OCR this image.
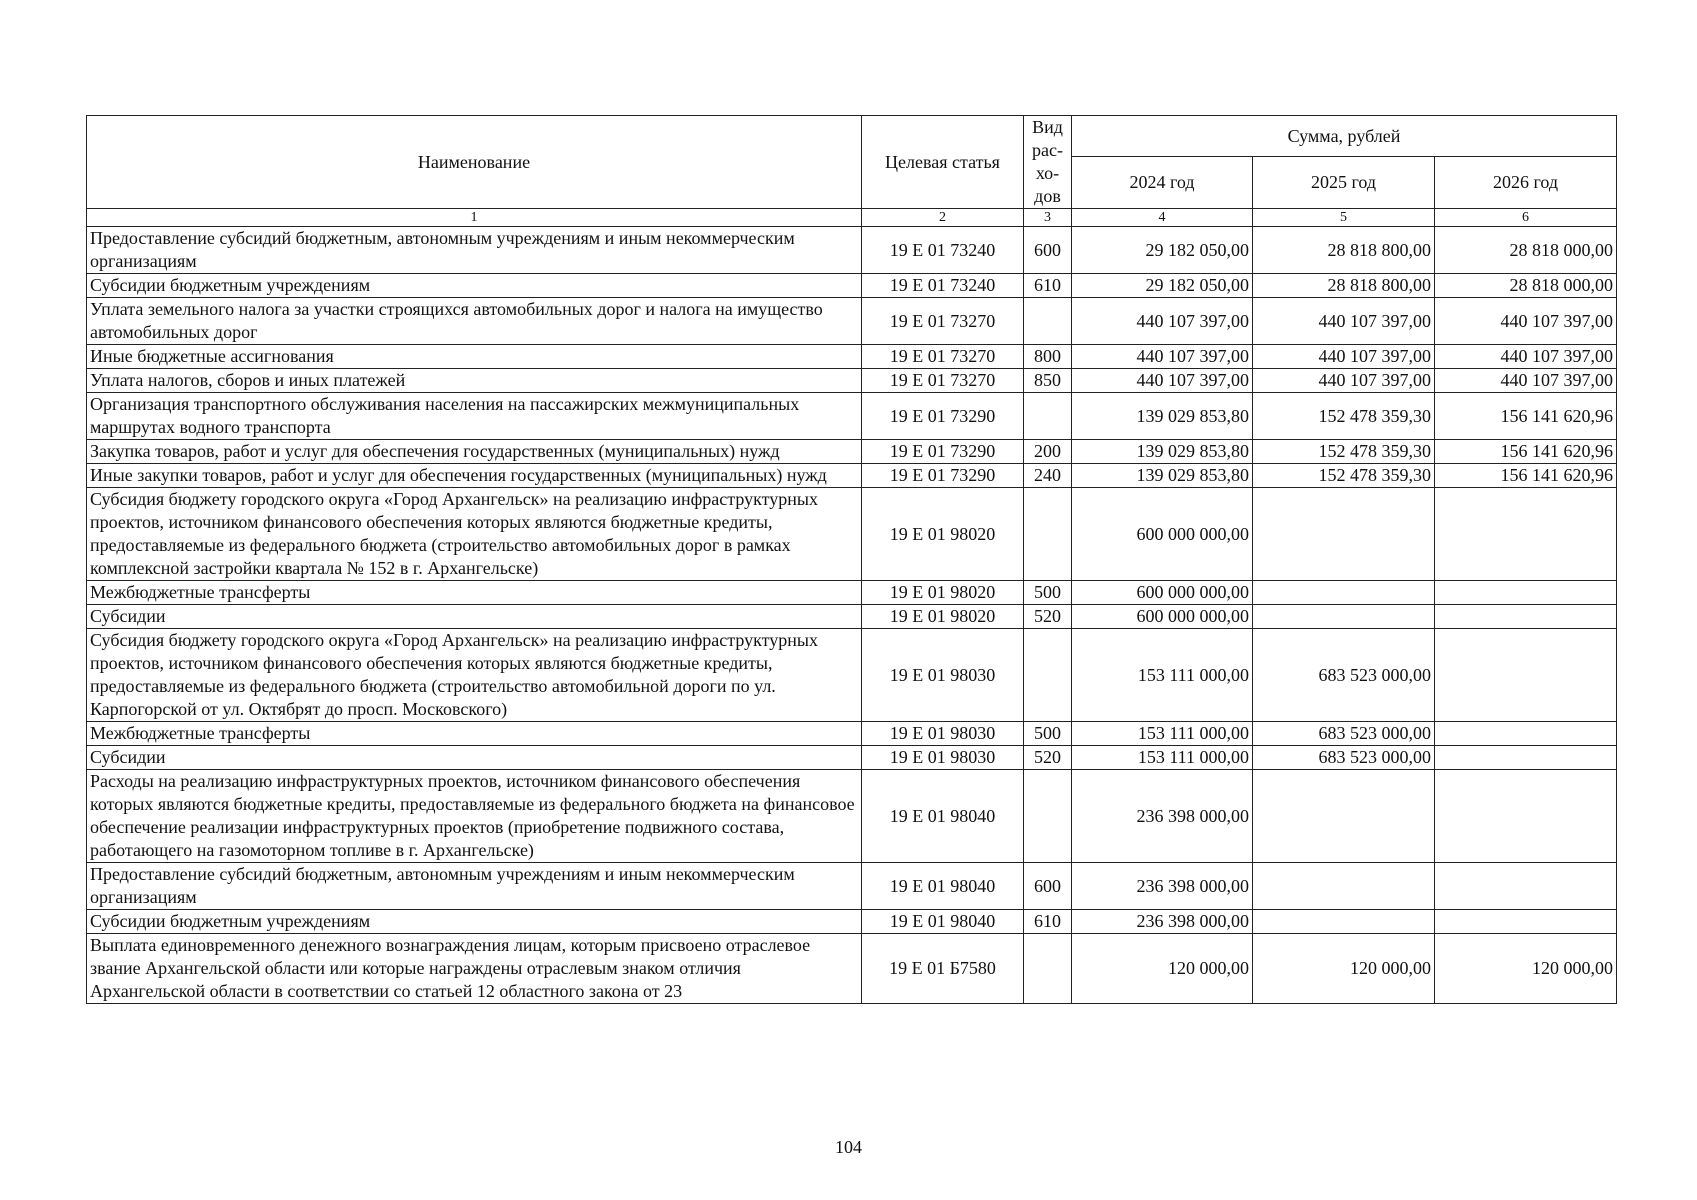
Наименование	Целевая статья	Вид рас- хо- дов	Сумма, рублей		
			2024 год	2025 год	2026 год
1	2	3	4	5	6
Предоставление субсидий бюджетным, автономным учреждениям и иным некоммерческим организациям	19 Е 01 73240	600	29 182 050,00	28 818 800,00	28 818 000,00
Субсидии бюджетным учреждениям	19 Е 01 73240	610	29 182 050,00	28 818 800,00	28 818 000,00
Уплата земельного налога за участки строящихся автомобильных дорог и налога на имущество автомобильных дорог	19 Е 01 73270		440 107 397,00	440 107 397,00	440 107 397,00
Иные бюджетные ассигнования	19 Е 01 73270	800	440 107 397,00	440 107 397,00	440 107 397,00
Уплата налогов, сборов и иных платежей	19 Е 01 73270	850	440 107 397,00	440 107 397,00	440 107 397,00
Организация транспортного обслуживания населения на пассажирских межмуниципальных маршрутах водного транспорта	19 Е 01 73290		139 029 853,80	152 478 359,30	156 141 620,96
Закупка товаров, работ и услуг для обеспечения государственных (муниципальных) нужд	19 Е 01 73290	200	139 029 853,80	152 478 359,30	156 141 620,96
Иные закупки товаров, работ и услуг для обеспечения государственных (муниципальных) нужд	19 Е 01 73290	240	139 029 853,80	152 478 359,30	156 141 620,96
Субсидия бюджету городского округа «Город Архангельск» на реализацию инфраструктурных проектов, источником финансового обеспечения которых являются бюджетные кредиты, предоставляемые из федерального бюджета (строительство автомобильных дорог в рамках комплексной застройки квартала № 152 в г. Архангельске)	19 Е 01 98020		600 000 000,00		
Межбюджетные трансферты	19 Е 01 98020	500	600 000 000,00		
Субсидии	19 Е 01 98020	520	600 000 000,00		
Субсидия бюджету городского округа «Город Архангельск» на реализацию инфраструктурных проектов, источником финансового обеспечения которых являются бюджетные кредиты, предоставляемые из федерального бюджета (строительство автомобильной дороги по ул. Карпогорской от ул. Октябрят до просп. Московского)	19 Е 01 98030		153 111 000,00	683 523 000,00	
Межбюджетные трансферты	19 Е 01 98030	500	153 111 000,00	683 523 000,00	
Субсидии	19 Е 01 98030	520	153 111 000,00	683 523 000,00	
Расходы на реализацию инфраструктурных проектов, источником финансового обеспечения которых являются бюджетные кредиты, предоставляемые из федерального бюджета на финансовое обеспечение реализации инфраструктурных проектов (приобретение подвижного состава, работающего на газомоторном топливе в г. Архангельске)	19 Е 01 98040		236 398 000,00		
Предоставление субсидий бюджетным, автономным учреждениям и иным некоммерческим организациям	19 Е 01 98040	600	236 398 000,00		
Субсидии бюджетным учреждениям	19 Е 01 98040	610	236 398 000,00		
Выплата единовременного денежного вознаграждения лицам, которым присвоено отраслевое звание Архангельской области или которые награждены отраслевым знаком отличия Архангельской области в соответствии со статьей 12 областного закона от 23	19 Е 01 Б7580		120 000,00	120 000,00	120 000,00
104
